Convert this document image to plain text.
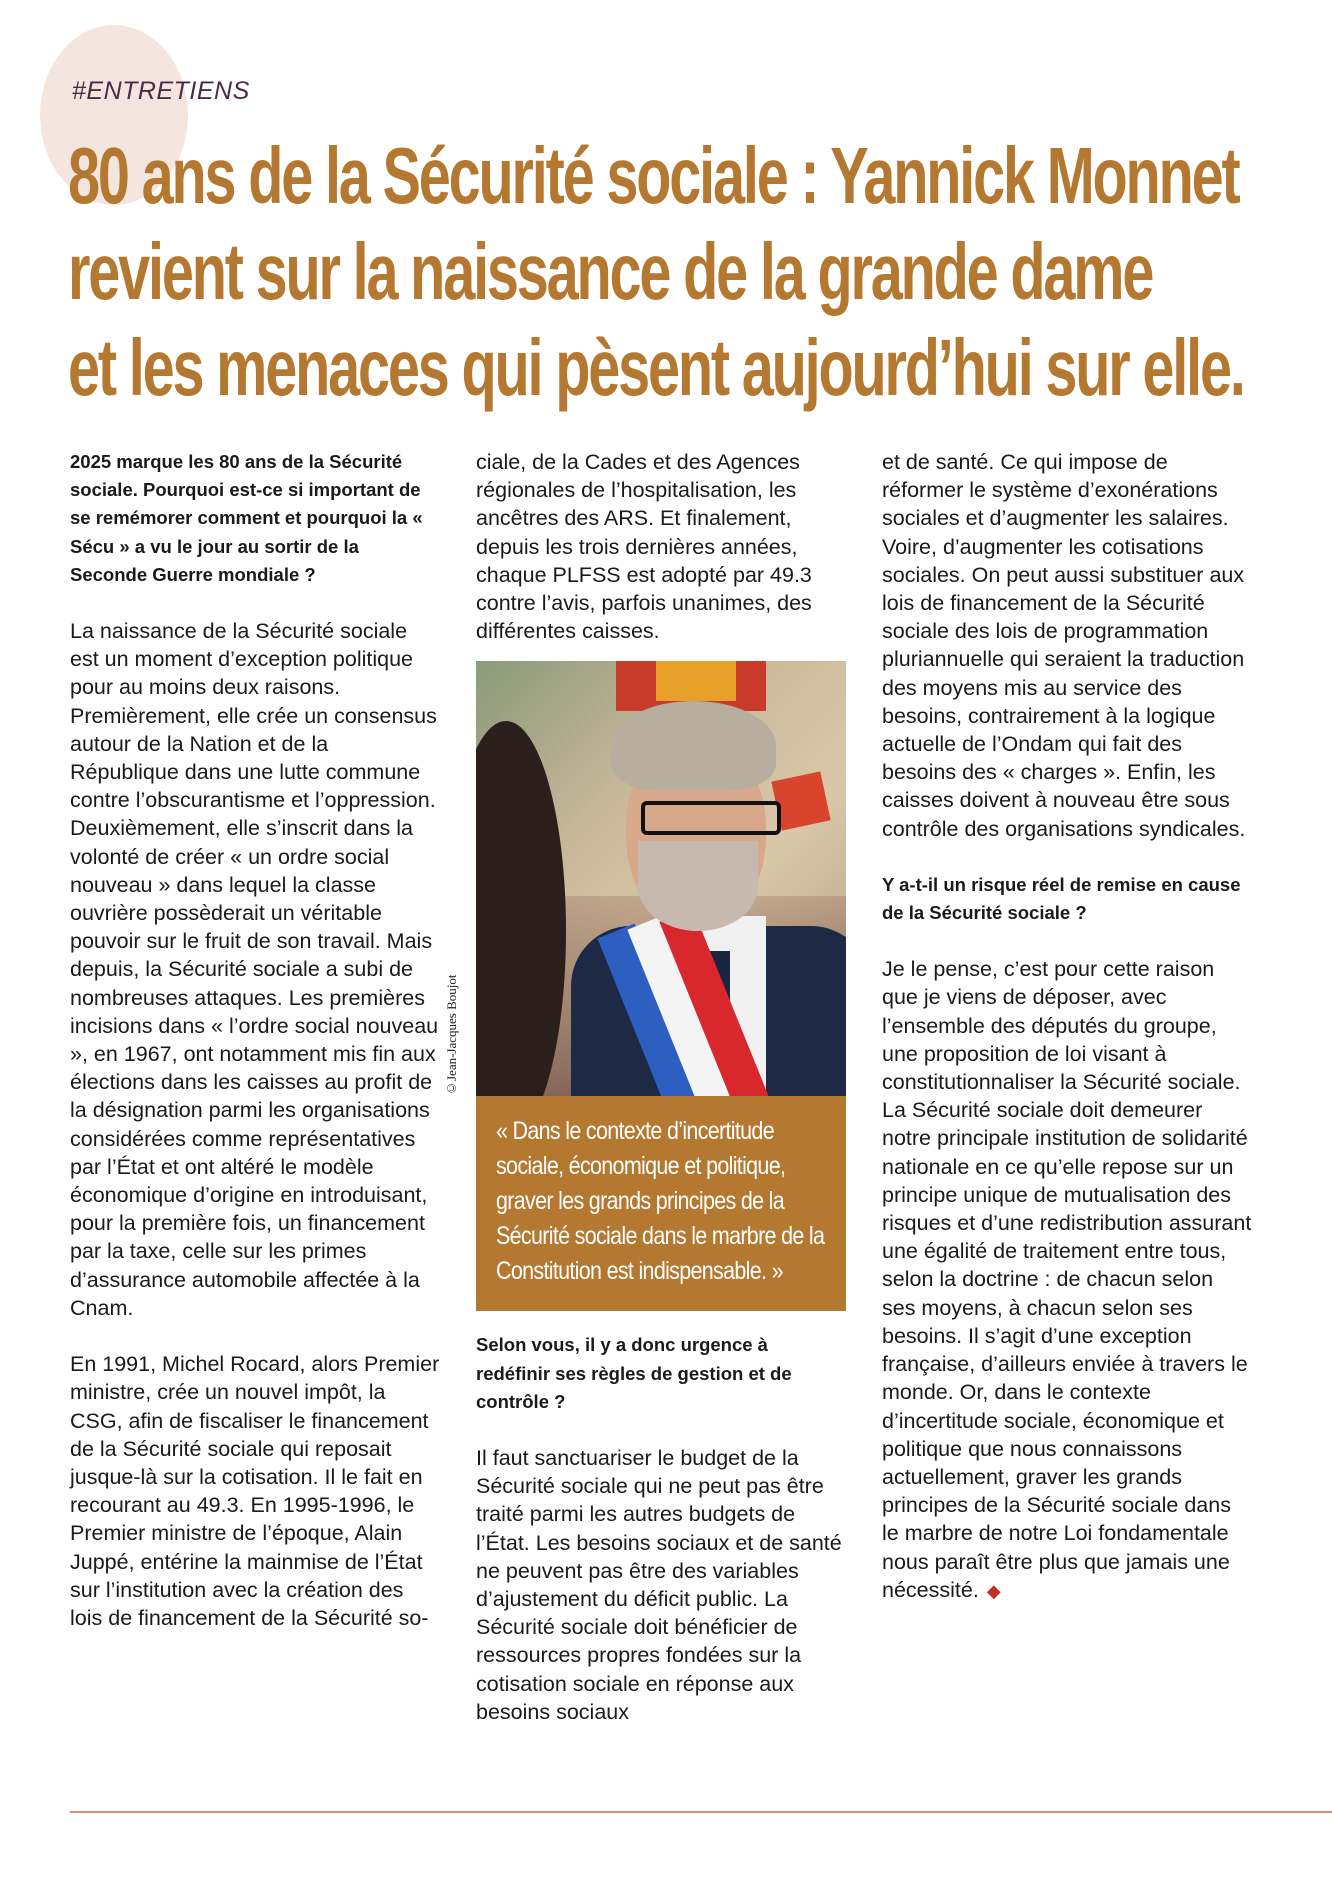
#ENTRETIENS
80 ans de la Sécurité sociale : Yannick Monnet
revient sur la naissance de la grande dame
et les menaces qui pèsent aujourd’hui sur elle.

2025 marque les 80 ans de la Sécurité sociale. Pourquoi est-ce si important de se remémorer comment et pourquoi la « Sécu » a vu le jour au sortir de la Seconde Guerre mondiale ?

La naissance de la Sécurité sociale est un moment d’exception politique pour au moins deux raisons. Premièrement, elle crée un consensus autour de la Nation et de la République dans une lutte commune contre l’obscurantisme et l’oppression. Deuxièmement, elle s’inscrit dans la volonté de créer « un ordre social nouveau » dans lequel la classe ouvrière possèderait un véritable pouvoir sur le fruit de son travail. Mais depuis, la Sécurité sociale a subi de nombreuses attaques. Les premières incisions dans « l’ordre social nouveau », en 1967, ont notamment mis fin aux élections dans les caisses au profit de la désignation parmi les organisations considérées comme représentatives par l’État et ont altéré le modèle économique d’origine en introduisant, pour la première fois, un financement par la taxe, celle sur les primes d’assurance automobile affectée à la Cnam.

En 1991, Michel Rocard, alors Premier ministre, crée un nouvel impôt, la CSG, afin de fiscaliser le financement de la Sécurité sociale qui reposait jusque-là sur la cotisation. Il le fait en recourant au 49.3. En 1995-1996, le Premier ministre de l’époque, Alain Juppé, entérine la mainmise de l’État sur l’institution avec la création des lois de financement de la Sécurité so-

ciale, de la Cades et des Agences régionales de l’hospitalisation, les ancêtres des ARS. Et finalement, depuis les trois dernières années, chaque PLFSS est adopté par 49.3 contre l’avis, parfois unanimes, des différentes caisses.

©Jean-Jacques Boujot
« Dans le contexte d’incertitude sociale, économique et politique, graver les grands principes de la Sécurité sociale dans le marbre de la Constitution est indispensable. »

Selon vous, il y a donc urgence à redéfinir ses règles de gestion et de contrôle ?

Il faut sanctuariser le budget de la Sécurité sociale qui ne peut pas être traité parmi les autres budgets de l’État. Les besoins sociaux et de santé ne peuvent pas être des variables d’ajustement du déficit public. La Sécurité sociale doit bénéficier de ressources propres fondées sur la cotisation sociale en réponse aux besoins sociaux

et de santé. Ce qui impose de réformer le système d’exonérations sociales et d’augmenter les salaires. Voire, d’augmenter les cotisations sociales. On peut aussi substituer aux lois de financement de la Sécurité sociale des lois de programmation pluriannuelle qui seraient la traduction des moyens mis au service des besoins, contrairement à la logique actuelle de l’Ondam qui fait des besoins des « charges ». Enfin, les caisses doivent à nouveau être sous contrôle des organisations syndicales.

Y a-t-il un risque réel de remise en cause de la Sécurité sociale ?

Je le pense, c’est pour cette raison que je viens de déposer, avec l’ensemble des députés du groupe, une proposition de loi visant à constitutionnaliser la Sécurité sociale. La Sécurité sociale doit demeurer notre principale institution de solidarité nationale en ce qu’elle repose sur un principe unique de mutualisation des risques et d’une redistribution assurant une égalité de traitement entre tous, selon la doctrine : de chacun selon ses moyens, à chacun selon ses besoins. Il s’agit d’une exception française, d’ailleurs enviée à travers le monde. Or, dans le contexte d’incertitude sociale, économique et politique que nous connaissons actuellement, graver les grands principes de la Sécurité sociale dans le marbre de notre Loi fondamentale nous paraît être plus que jamais une nécessité. ◆
